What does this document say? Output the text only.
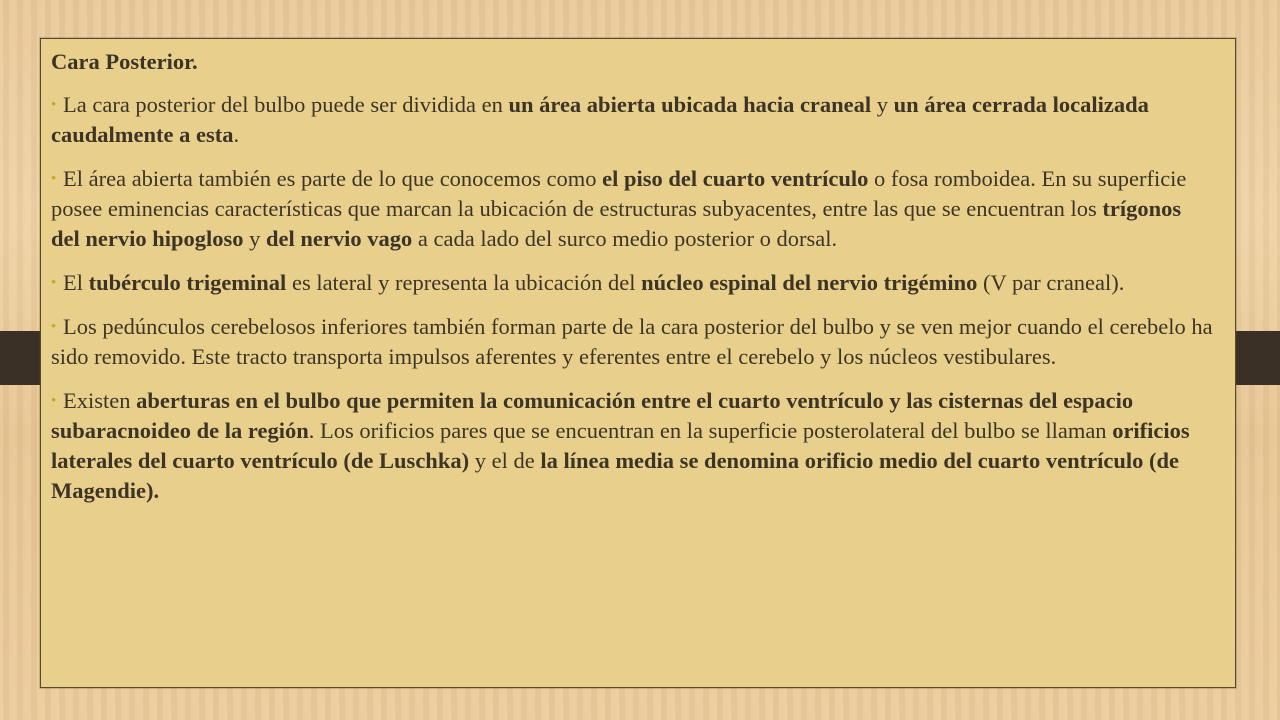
Cara Posterior.
• La cara posterior del bulbo puede ser dividida en un área abierta ubicada hacia craneal y un área cerrada localizada caudalmente a esta.
• El área abierta también es parte de lo que conocemos como el piso del cuarto ventrículo o fosa romboidea. En su superficie posee eminencias características que marcan la ubicación de estructuras subyacentes, entre las que se encuentran los trígonos del nervio hipogloso y del nervio vago a cada lado del surco medio posterior o dorsal.
• El tubérculo trigeminal es lateral y representa la ubicación del núcleo espinal del nervio trigémino (V par craneal).
• Los pedúnculos cerebelosos inferiores también forman parte de la cara posterior del bulbo y se ven mejor cuando el cerebelo ha sido removido. Este tracto transporta impulsos aferentes y eferentes entre el cerebelo y los núcleos vestibulares.
• Existen aberturas en el bulbo que permiten la comunicación entre el cuarto ventrículo y las cisternas del espacio subaracnoideo de la región. Los orificios pares que se encuentran en la superficie posterolateral del bulbo se llaman orificios laterales del cuarto ventrículo (de Luschka) y el de la línea media se denomina orificio medio del cuarto ventrículo (de Magendie).
